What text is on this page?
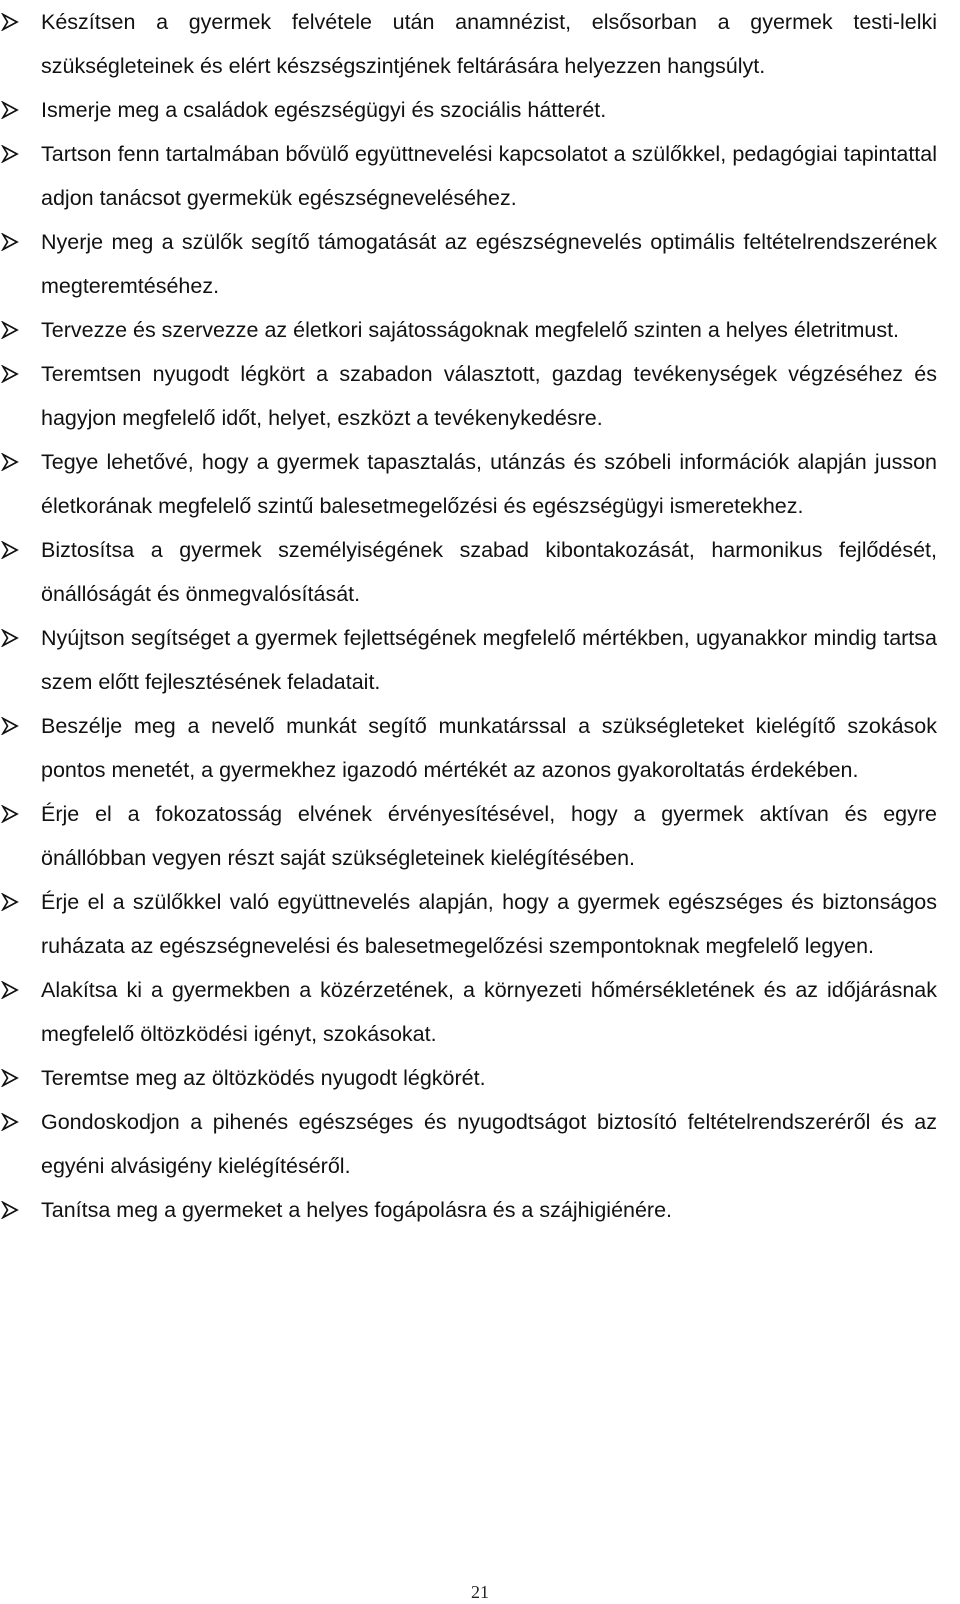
Készítsen a gyermek felvétele után anamnézist, elsősorban a gyermek testi-lelki szükségleteinek és elért készségszintjének feltárására helyezzen hangsúlyt.
Ismerje meg a családok egészségügyi és szociális hátterét.
Tartson fenn tartalmában bővülő együttnevelési kapcsolatot a szülőkkel, pedagógiai tapintattal adjon tanácsot gyermekük egészségneveléséhez.
Nyerje meg a szülők segítő támogatását az egészségnevelés optimális feltételrendszerének megteremtéséhez.
Tervezze és szervezze az életkori sajátosságoknak megfelelő szinten a helyes életritmust.
Teremtsen nyugodt légkört a szabadon választott, gazdag tevékenységek végzéséhez és hagyjon megfelelő időt, helyet, eszközt a tevékenykedésre.
Tegye lehetővé, hogy a gyermek tapasztalás, utánzás és szóbeli információk alapján jusson életkorának megfelelő szintű balesetmegelőzési és egészségügyi ismeretekhez.
Biztosítsa a gyermek személyiségének szabad kibontakozását, harmonikus fejlődését, önállóságát és önmegvalósítását.
Nyújtson segítséget a gyermek fejlettségének megfelelő mértékben, ugyanakkor mindig tartsa szem előtt fejlesztésének feladatait.
Beszélje meg a nevelő munkát segítő munkatárssal a szükségleteket kielégítő szokások pontos menetét, a gyermekhez igazodó mértékét az azonos gyakoroltatás érdekében.
Érje el a fokozatosság elvének érvényesítésével, hogy a gyermek aktívan és egyre önállóbban vegyen részt saját szükségleteinek kielégítésében.
Érje el a szülőkkel való együttnevelés alapján, hogy a gyermek egészséges és biztonságos ruházata az egészségnevelési és balesetmegelőzési szempontoknak megfelelő legyen.
Alakítsa ki a gyermekben a közérzetének, a környezeti hőmérsékletének és az időjárásnak megfelelő öltözködési igényt, szokásokat.
Teremtse meg az öltözködés nyugodt légkörét.
Gondoskodjon a pihenés egészséges és nyugodtságot biztosító feltételrendszeréről és az egyéni alvásigény kielégítéséről.
Tanítsa meg a gyermeket a helyes fogápolásra és a szájhigiénére.
21
